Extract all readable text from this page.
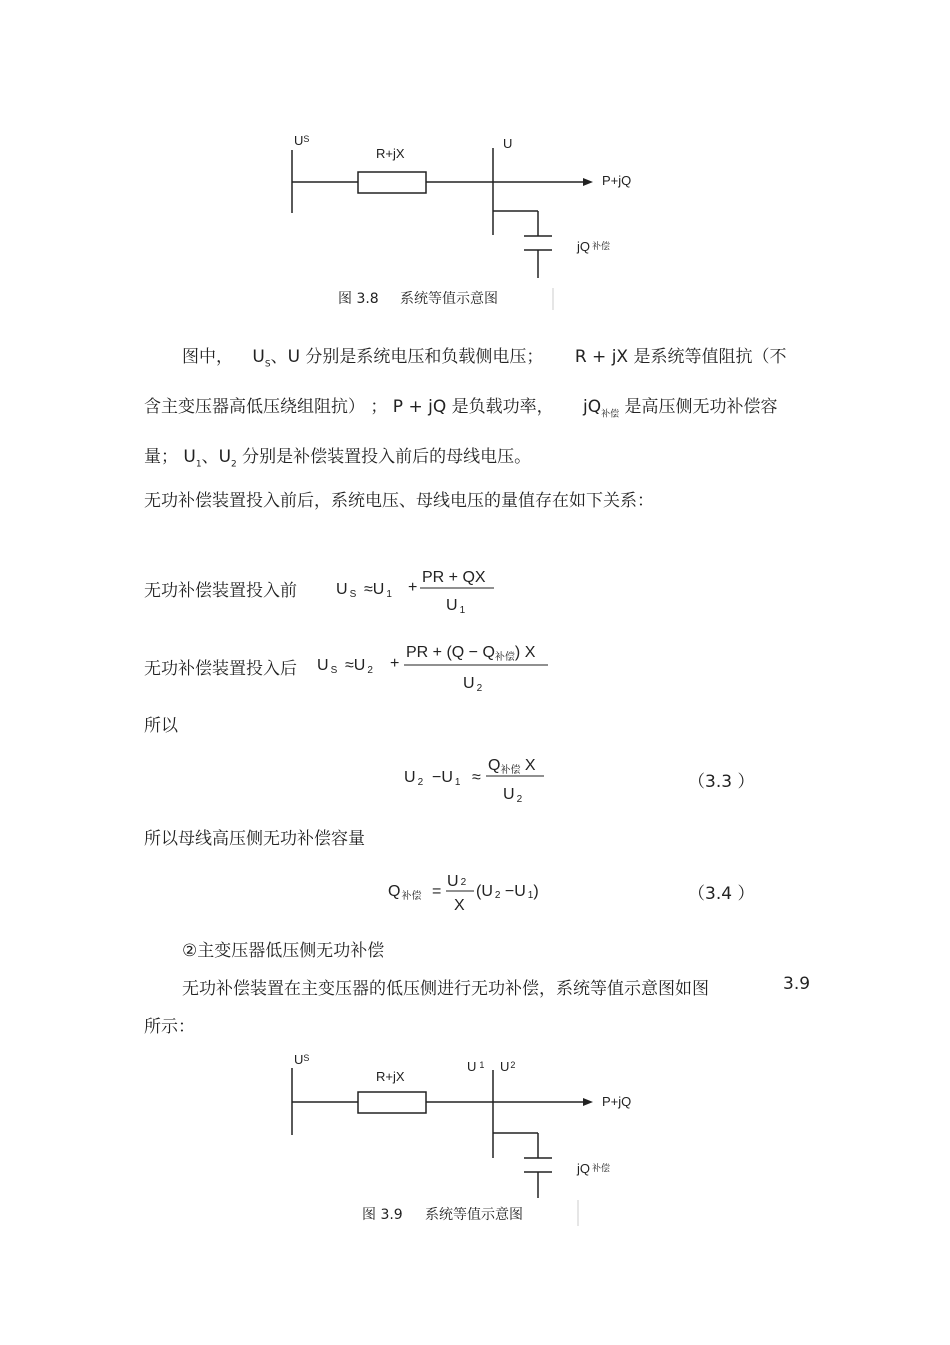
$U^S$
R+jX
U
P+jQ
jQ 补偿
图 3.8 系统等值示意图
图中， $U_S$、U 分别是系统电压和负载侧电压； R + jX 是系统等值阻抗（不
含主变压器高低压绕组阻抗） ； P + jQ 是负载功率， $jQ_{补偿}$ 是高压侧无功补偿容
量； $U_1$、$U_2$ 分别是补偿装置投入前后的母线电压。
无功补偿装置投入前后，系统电压、母线电压的量值存在如下关系：
无功补偿装置投入前 U S ≈U 1 +
PR + QX
U 1
无功补偿装置投入后 U S ≈U 2 +
PR + (Q − Q补偿) X
U 2
所以
U 2 −U 1 ≈
Q补偿 X
U 2
（3.3 ）
所以母线高压侧无功补偿容量
Q补偿 =
U 2
X
(U 2 −U 1)	（3.4 ）
②主变压器低压侧无功补偿
无功补偿装置在主变压器的低压侧进行无功补偿，系统等值示意图如图	3.9
所示：
$U^S$
R+jX
U $^1$ $U^2$
P+jQ
jQ 补偿
图 3.9 系统等值示意图
